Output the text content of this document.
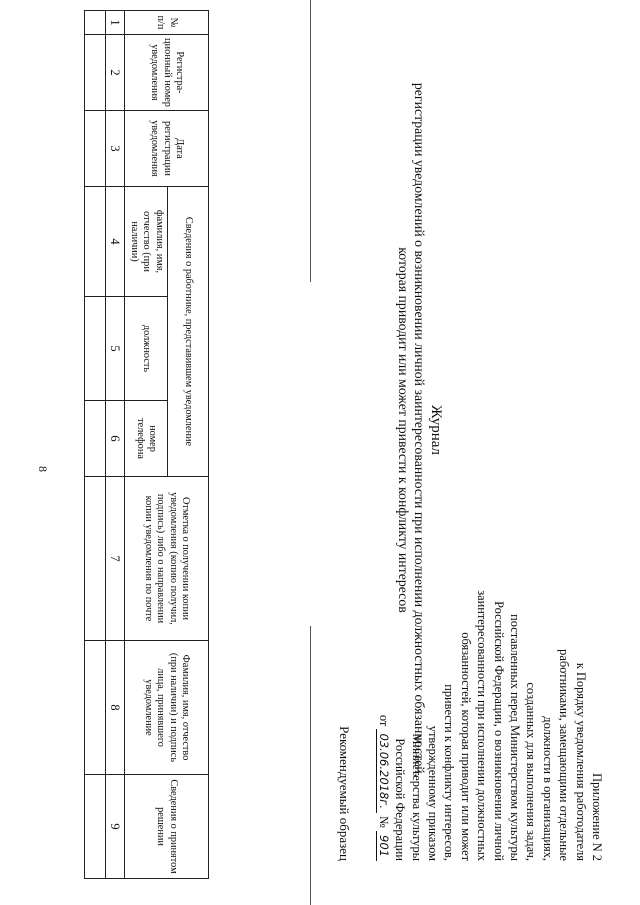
8
Приложение N 2
к Порядку уведомления работодателя
работниками, замещающими отдельные
должности в организациях,
созданных для выполнения задач,
поставленных перед Министерством культуры
Российской Федерации, о возникновении личной
заинтересованности при исполнении должностных
обязанностей, которая приводит или может
привести к конфликту интересов,
утвержденному приказом
Министерства культуры
Российской Федерации
от 03.06.2018г. № 901
Рекомендуемый образец
Журнал
регистрации уведомлений о возникновении личной заинтересованности при исполнении должностных обязанностей,
которая приводит или может привести к конфликту интересов
№ п/п	Регистра-ционный номер уведомления	Дата регистрации уведомления	Сведения о работнике, представившем уведомление			Отметка о получении копии уведомления (копию получил, подпись) либо о направлении копии уведомления по почте	Фамилия, имя, отчество (при наличии) и подпись лица, принявшего уведомление	Сведения о принятом решении
			фамилия, имя, отчество (при наличии)	должность	номер телефона			
1	2	3	4	5	6	7	8	9
